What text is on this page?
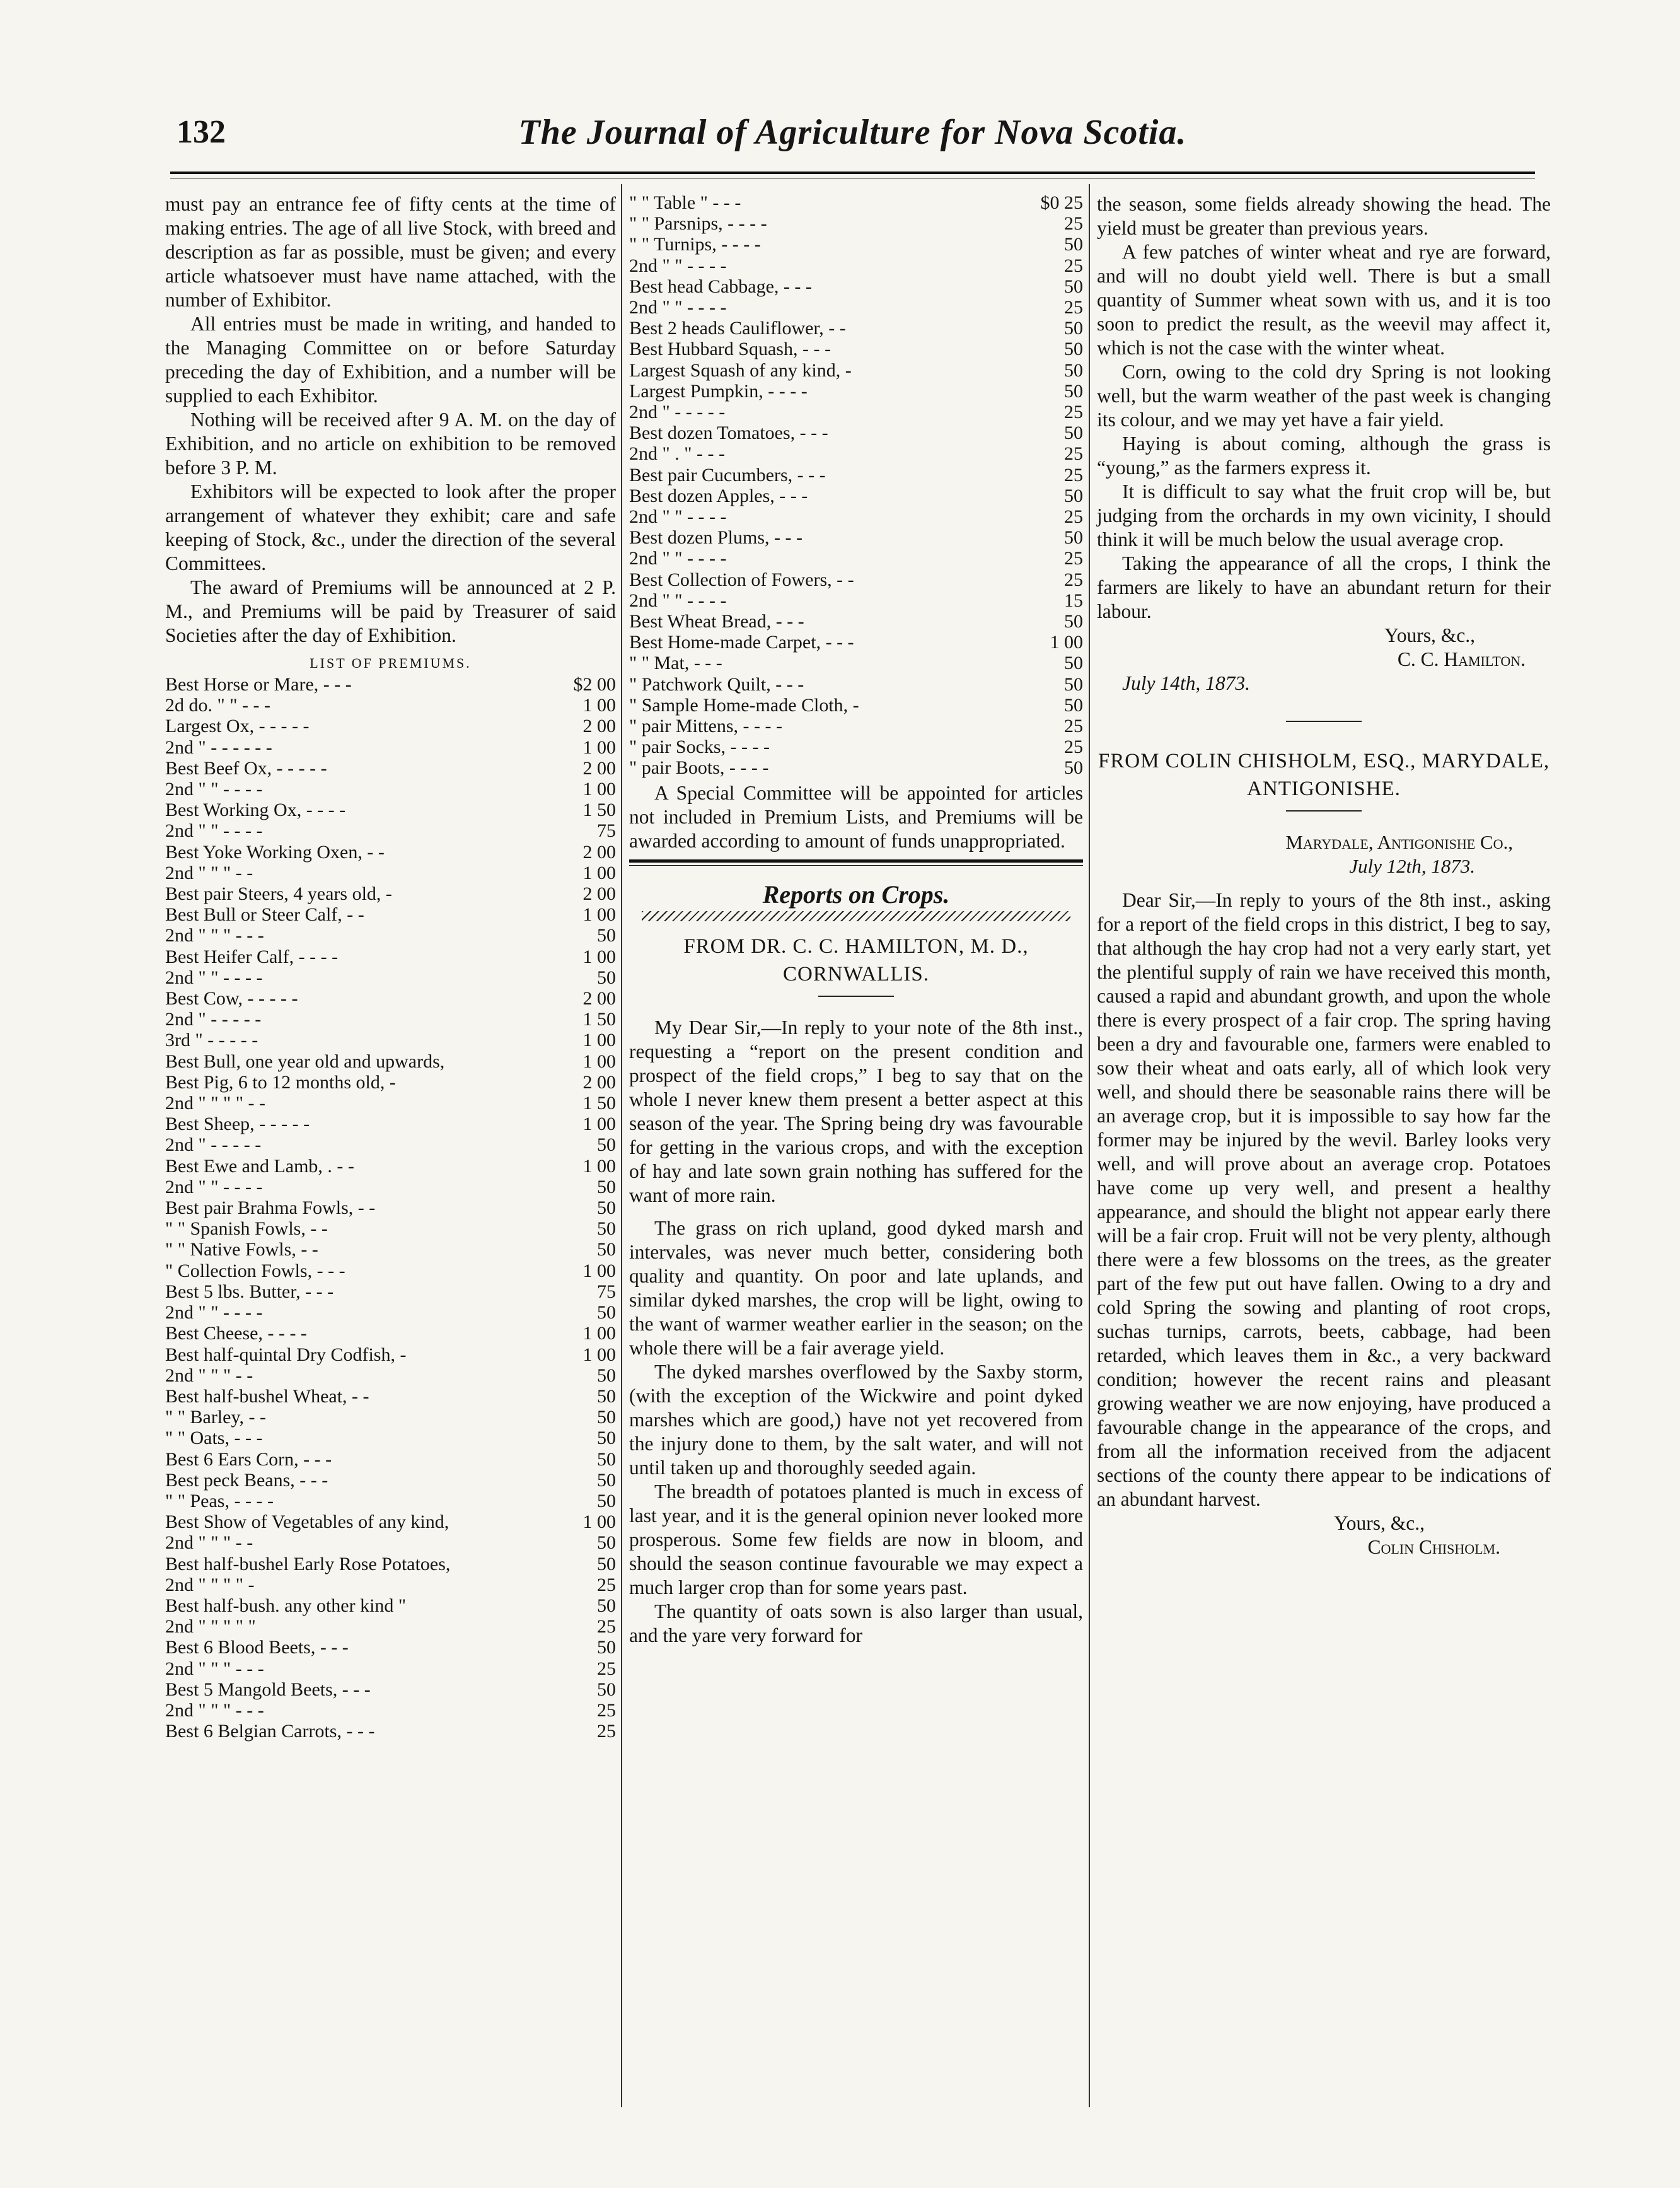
132	The Journal of Agriculture for Nova Scotia.

must pay an entrance fee of fifty cents at the time of making entries. The age of all live Stock, with breed and description as far as possible, must be given; and every article whatsoever must have name attached, with the number of Exhibitor.

All entries must be made in writing, and handed to the Managing Committee on or before Saturday preceding the day of Exhibition, and a number will be supplied to each Exhibitor.

Nothing will be received after 9 A. M. on the day of Exhibition, and no article on exhibition to be removed before 3 P. M.

Exhibitors will be expected to look after the proper arrangement of whatever they exhibit; care and safe keeping of Stock, &c., under the direction of the several Committees.

The award of Premiums will be announced at 2 P. M., and Premiums will be paid by Treasurer of said Societies after the day of Exhibition.

LIST OF PREMIUMS.
Best Horse or Mare, - - -	$2 00
2d do. " " - - -	1 00
Largest Ox, - - - - -	2 00
2nd " - - - - - -	1 00
Best Beef Ox, - - - - -	2 00
2nd " " - - - -	1 00
Best Working Ox, - - - -	1 50
2nd " " - - - -	75
Best Yoke Working Oxen, - -	2 00
2nd " " " - -	1 00
Best pair Steers, 4 years old, -	2 00
Best Bull or Steer Calf, - -	1 00
2nd " " " - - -	50
Best Heifer Calf, - - - -	1 00
2nd " " - - - -	50
Best Cow, - - - - -	2 00
2nd " - - - - -	1 50
3rd " - - - - -	1 00
Best Bull, one year old and upwards,	1 00
Best Pig, 6 to 12 months old, -	2 00
2nd " " " " - -	1 50
Best Sheep, - - - - -	1 00
2nd " - - - - -	50
Best Ewe and Lamb, . - -	1 00
2nd " " - - - -	50
Best pair Brahma Fowls, - -	50
" " Spanish Fowls, - -	50
" " Native Fowls, - -	50
" Collection Fowls, - - -	1 00
Best 5 lbs. Butter, - - -	75
2nd " " - - - -	50
Best Cheese, - - - -	1 00
Best half-quintal Dry Codfish, -	1 00
2nd " " " - -	50
Best half-bushel Wheat, - -	50
" " Barley, - -	50
" " Oats, - - -	50
Best 6 Ears Corn, - - -	50
Best peck Beans, - - -	50
" " Peas, - - - -	50
Best Show of Vegetables of any kind,	1 00
2nd " " " - -	50
Best half-bushel Early Rose Potatoes,	50
2nd " " " " -	25
Best half-bush. any other kind "	50
2nd " " " " "	25
Best 6 Blood Beets, - - -	50
2nd " " " - - -	25
Best 5 Mangold Beets, - - -	50
2nd " " " - - -	25
Best 6 Belgian Carrots, - - -	25
" " Table " - - -	$0 25
" " Parsnips, - - - -	25
" " Turnips, - - - -	50
2nd " " - - - -	25
Best head Cabbage, - - -	50
2nd " " - - - -	25
Best 2 heads Cauliflower, - -	50
Best Hubbard Squash, - - -	50
Largest Squash of any kind, -	50
Largest Pumpkin, - - - -	50
2nd " - - - - -	25
Best dozen Tomatoes, - - -	50
2nd " . " - - -	25
Best pair Cucumbers, - - -	25
Best dozen Apples, - - -	50
2nd " " - - - -	25
Best dozen Plums, - - -	50
2nd " " - - - -	25
Best Collection of Fowers, - -	25
2nd " " - - - -	15
Best Wheat Bread, - - -	50
Best Home-made Carpet, - - -	1 00
" " Mat, - - -	50
" Patchwork Quilt, - - -	50
" Sample Home-made Cloth, -	50
" pair Mittens, - - - -	25
" pair Socks, - - - -	25
" pair Boots, - - - -	50

A Special Committee will be appointed for articles not included in Premium Lists, and Premiums will be awarded according to amount of funds unappropriated.

Reports on Crops.
FROM DR. C. C. HAMILTON, M. D., CORNWALLIS.

My Dear Sir,—In reply to your note of the 8th inst., requesting a “report on the present condition and prospect of the field crops,” I beg to say that on the whole I never knew them present a better aspect at this season of the year. The Spring being dry was favourable for getting in the various crops, and with the exception of hay and late sown grain nothing has suffered for the want of more rain.

The grass on rich upland, good dyked marsh and intervales, was never much better, considering both quality and quantity. On poor and late uplands, and similar dyked marshes, the crop will be light, owing to the want of warmer weather earlier in the season; on the whole there will be a fair average yield.

The dyked marshes overflowed by the Saxby storm, (with the exception of the Wickwire and point dyked marshes which are good,) have not yet recovered from the injury done to them, by the salt water, and will not until taken up and thoroughly seeded again.

The breadth of potatoes planted is much in excess of last year, and it is the general opinion never looked more prosperous. Some few fields are now in bloom, and should the season continue favourable we may expect a much larger crop than for some years past.

The quantity of oats sown is also larger than usual, and the yare very forward for

the season, some fields already showing the head. The yield must be greater than previous years.

A few patches of winter wheat and rye are forward, and will no doubt yield well. There is but a small quantity of Summer wheat sown with us, and it is too soon to predict the result, as the weevil may affect it, which is not the case with the winter wheat.

Corn, owing to the cold dry Spring is not looking well, but the warm weather of the past week is changing its colour, and we may yet have a fair yield.

Haying is about coming, although the grass is “young,” as the farmers express it.

It is difficult to say what the fruit crop will be, but judging from the orchards in my own vicinity, I should think it will be much below the usual average crop.

Taking the appearance of all the crops, I think the farmers are likely to have an abundant return for their labour.

Yours, &c.,
C. C. Hamilton.
July 14th, 1873.
FROM COLIN CHISHOLM, ESQ., MARYDALE, ANTIGONISHE.
Marydale, Antigonishe Co.,
July 12th, 1873.

Dear Sir,—In reply to yours of the 8th inst., asking for a report of the field crops in this district, I beg to say, that although the hay crop had not a very early start, yet the plentiful supply of rain we have received this month, caused a rapid and abundant growth, and upon the whole there is every prospect of a fair crop. The spring having been a dry and favourable one, farmers were enabled to sow their wheat and oats early, all of which look very well, and should there be seasonable rains there will be an average crop, but it is impossible to say how far the former may be injured by the wevil. Barley looks very well, and will prove about an average crop. Potatoes have come up very well, and present a healthy appearance, and should the blight not appear early there will be a fair crop. Fruit will not be very plenty, although there were a few blossoms on the trees, as the greater part of the few put out have fallen. Owing to a dry and cold Spring the sowing and planting of root crops, suchas turnips, carrots, beets, cabbage, had been retarded, which leaves them in &c., a very backward condition; however the recent rains and pleasant growing weather we are now enjoying, have produced a favourable change in the appearance of the crops, and from all the information received from the adjacent sections of the county there appear to be indications of an abundant harvest.

Yours, &c.,
Colin Chisholm.
